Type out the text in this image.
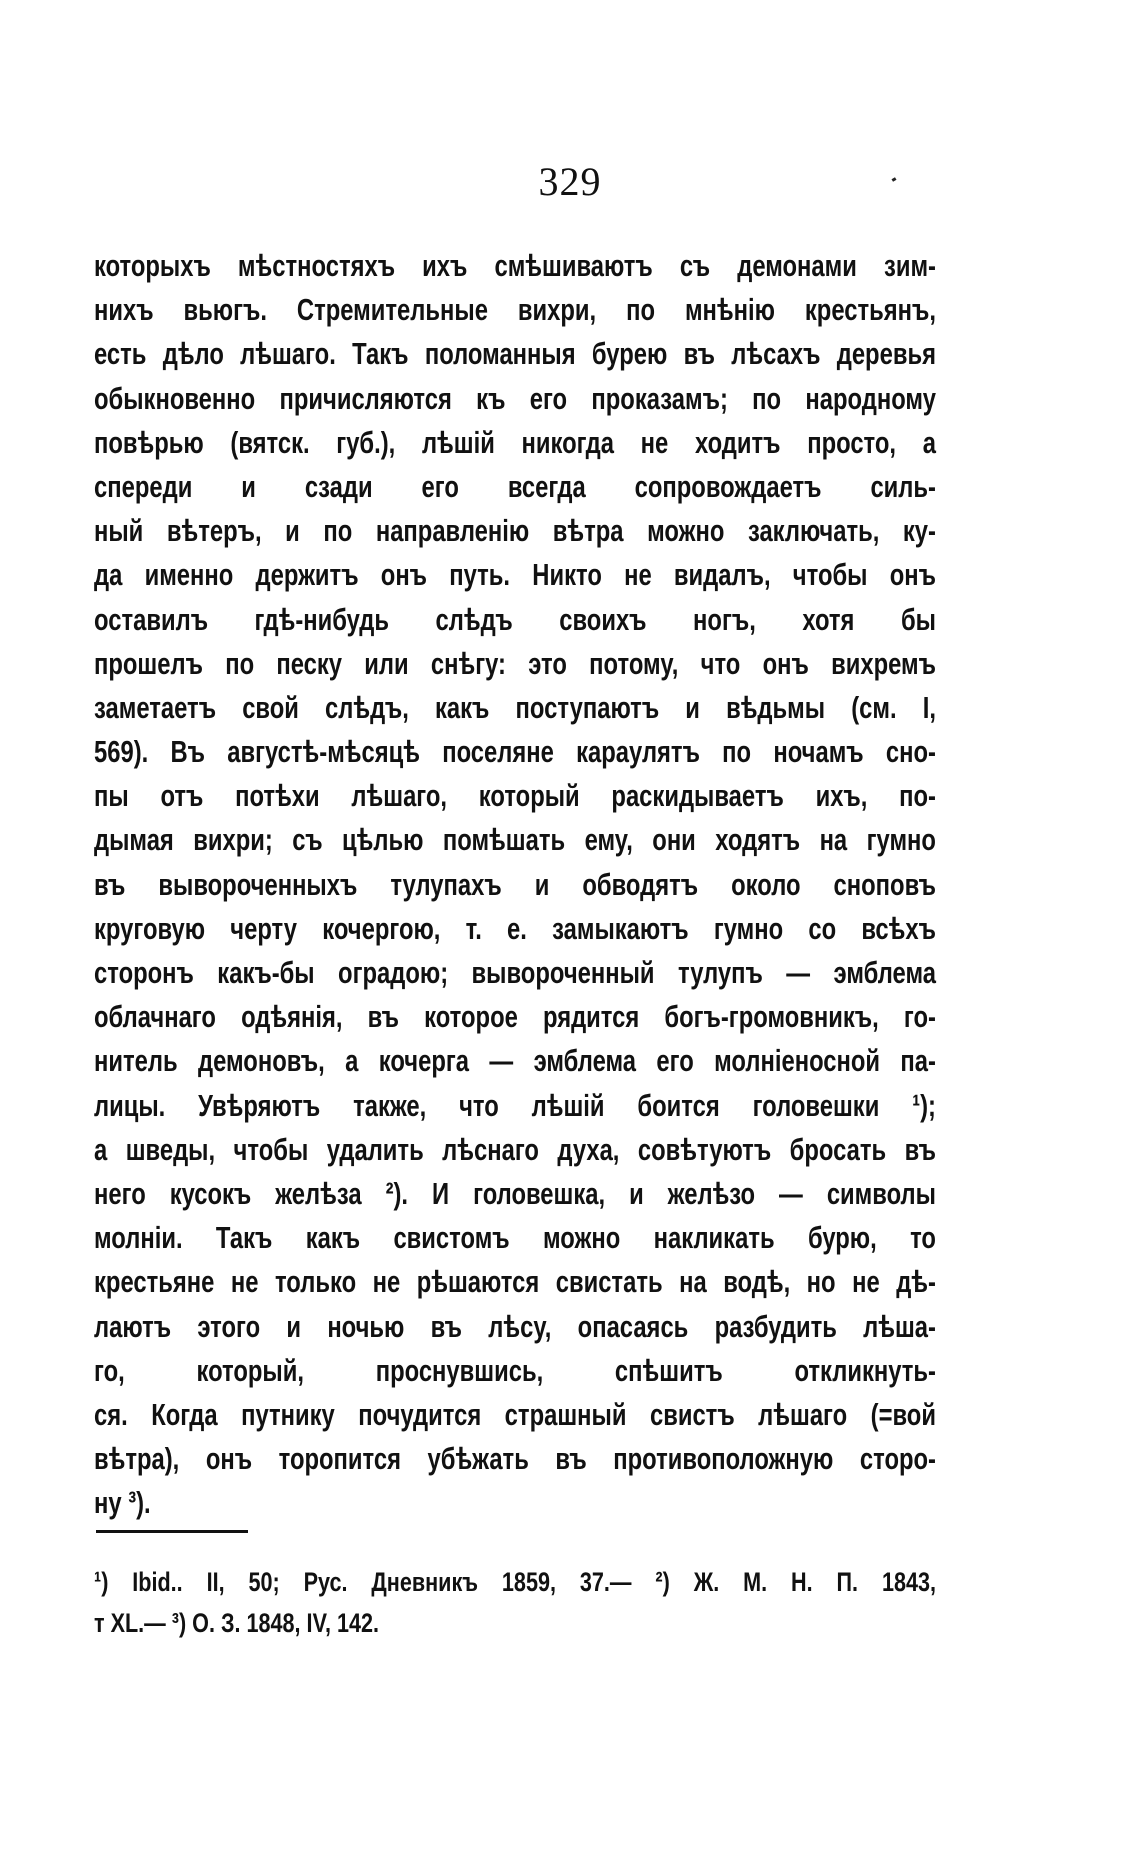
329
которыхъ мѣстностяхъ ихъ смѣшиваютъ съ демонами зим-
нихъ вьюгъ. Стремительные вихри, по мнѣнію крестьянъ,
есть дѣло лѣшаго. Такъ поломанныя бурею въ лѣсахъ деревья
обыкновенно причисляются къ его проказамъ; по народному
повѣрью (вятск. губ.), лѣшій никогда не ходитъ просто, а
спереди и сзади его всегда сопровождаетъ силь-
ный вѣтеръ, и по направленію вѣтра можно заключать, ку-
да именно держитъ онъ путь. Никто не видалъ, чтобы онъ
оставилъ гдѣ-нибудь слѣдъ своихъ ногъ, хотя бы
прошелъ по песку или снѣгу: это потому, что онъ вихремъ
заметаетъ свой слѣдъ, какъ поступаютъ и вѣдьмы (см. I,
569). Въ августѣ-мѣсяцѣ поселяне караулятъ по ночамъ сно-
пы отъ потѣхи лѣшаго, который раскидываетъ ихъ, по-
дымая вихри; съ цѣлью помѣшать ему, они ходятъ на гумно
въ вывороченныхъ тулупахъ и обводятъ около сноповъ
круговую черту кочергою, т. е. замыкаютъ гумно со всѣхъ
сторонъ какъ-бы оградою; вывороченный тулупъ — эмблема
облачнаго одѣянія, въ которое рядится богъ-громовникъ, го-
нитель демоновъ, а кочерга — эмблема его молніеносной па-
лицы. Увѣряютъ также, что лѣшій боится головешки ¹);
а шведы, чтобы удалить лѣснаго духа, совѣтуютъ бросать въ
него кусокъ желѣза ²). И головешка, и желѣзо — символы
молніи. Такъ какъ свистомъ можно накликать бурю, то
крестьяне не только не рѣшаются свистать на водѣ, но не дѣ-
лаютъ этого и ночью въ лѣсу, опасаясь разбудить лѣша-
го, который, проснувшись, спѣшитъ откликнуть-
ся. Когда путнику почудится страшный свистъ лѣшаго (=вой
вѣтра), онъ торопится убѣжать въ противоположную сторо-
ну ³).
¹) Ibid.. II, 50; Рус. Дневникъ 1859, 37.— ²) Ж. М. Н. П. 1843,
т XL.— ³) О. З. 1848, IV, 142.
